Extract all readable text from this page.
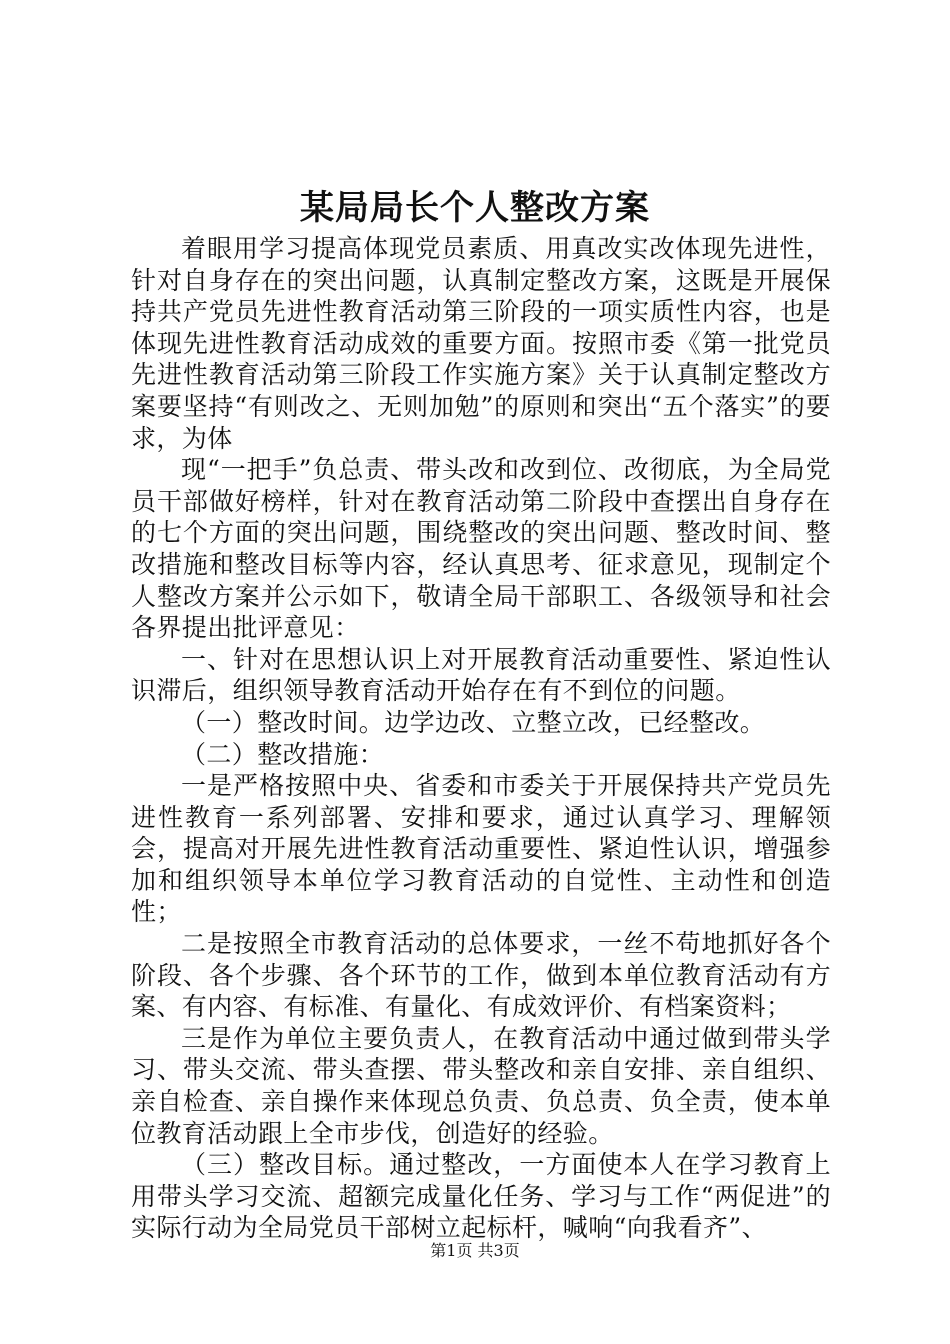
某局局长个人整改方案

着眼用学习提高体现党员素质、用真改实改体现先进性，针对自身存在的突出问题，认真制定整改方案，这既是开展保持共产党员先进性教育活动第三阶段的一项实质性内容，也是体现先进性教育活动成效的重要方面。按照市委《第一批党员先进性教育活动第三阶段工作实施方案》关于认真制定整改方案要坚持“有则改之、无则加勉”的原则和突出“五个落实”的要求，为体

现“一把手”负总责、带头改和改到位、改彻底，为全局党员干部做好榜样，针对在教育活动第二阶段中查摆出自身存在的七个方面的突出问题，围绕整改的突出问题、整改时间、整改措施和整改目标等内容，经认真思考、征求意见，现制定个人整改方案并公示如下，敬请全局干部职工、各级领导和社会各界提出批评意见：

一、针对在思想认识上对开展教育活动重要性、紧迫性认识滞后，组织领导教育活动开始存在有不到位的问题。

（一）整改时间。边学边改、立整立改，已经整改。

（二）整改措施：

一是严格按照中央、省委和市委关于开展保持共产党员先进性教育一系列部署、安排和要求，通过认真学习、理解领会，提高对开展先进性教育活动重要性、紧迫性认识，增强参加和组织领导本单位学习教育活动的自觉性、主动性和创造性；

二是按照全市教育活动的总体要求，一丝不苟地抓好各个阶段、各个步骤、各个环节的工作，做到本单位教育活动有方案、有内容、有标准、有量化、有成效评价、有档案资料；

三是作为单位主要负责人，在教育活动中通过做到带头学习、带头交流、带头查摆、带头整改和亲自安排、亲自组织、亲自检查、亲自操作来体现总负责、负总责、负全责，使本单位教育活动跟上全市步伐，创造好的经验。

（三）整改目标。通过整改，一方面使本人在学习教育上用带头学习交流、超额完成量化任务、学习与工作“两促进”的实际行动为全局党员干部树立起标杆，喊响“向我看齐”、

第1页 共3页
